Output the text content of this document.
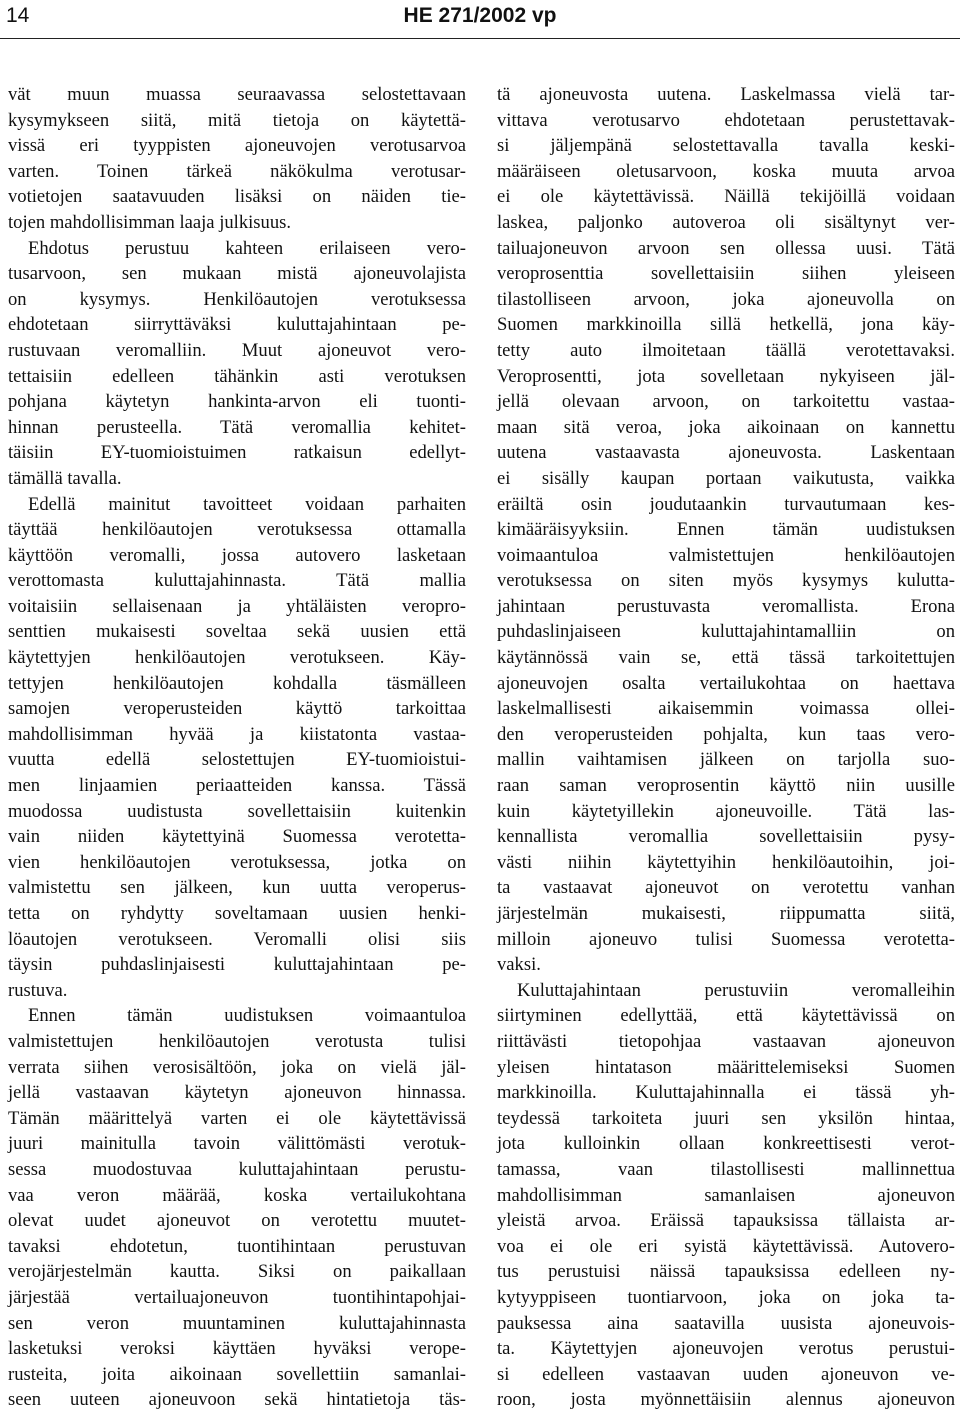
14	HE 271/2002 vp
vät muun muassa seuraavassa selostettavaan
kysymykseen siitä, mitä tietoja on käytettä-
vissä eri tyyppisten ajoneuvojen verotusarvoa
varten. Toinen tärkeä näkökulma verotusar-
votietojen saatavuuden lisäksi on näiden tie-
tojen mahdollisimman laaja julkisuus.
Ehdotus perustuu kahteen erilaiseen vero-
tusarvoon, sen mukaan mistä ajoneuvolajista
on kysymys. Henkilöautojen verotuksessa
ehdotetaan siirryttäväksi kuluttajahintaan pe-
rustuvaan veromalliin. Muut ajoneuvot vero-
tettaisiin edelleen tähänkin asti verotuksen
pohjana käytetyn hankinta-arvon eli tuonti-
hinnan perusteella. Tätä veromallia kehitet-
täisiin EY-tuomioistuimen ratkaisun edellyt-
tämällä tavalla.
Edellä mainitut tavoitteet voidaan parhaiten
täyttää henkilöautojen verotuksessa ottamalla
käyttöön veromalli, jossa autovero lasketaan
verottomasta kuluttajahinnasta. Tätä mallia
voitaisiin sellaisenaan ja yhtäläisten veropro-
senttien mukaisesti soveltaa sekä uusien että
käytettyjen henkilöautojen verotukseen. Käy-
tettyjen henkilöautojen kohdalla täsmälleen
samojen veroperusteiden käyttö tarkoittaa
mahdollisimman hyvää ja kiistatonta vastaa-
vuutta edellä selostettujen EY-tuomioistui-
men linjaamien periaatteiden kanssa. Tässä
muodossa uudistusta sovellettaisiin kuitenkin
vain niiden käytettyinä Suomessa verotetta-
vien henkilöautojen verotuksessa, jotka on
valmistettu sen jälkeen, kun uutta veroperus-
tetta on ryhdytty soveltamaan uusien henki-
löautojen verotukseen. Veromalli olisi siis
täysin puhdaslinjaisesti kuluttajahintaan pe-
rustuva.
Ennen tämän uudistuksen voimaantuloa
valmistettujen henkilöautojen verotusta tulisi
verrata siihen verosisältöön, joka on vielä jäl-
jellä vastaavan käytetyn ajoneuvon hinnassa.
Tämän määrittelyä varten ei ole käytettävissä
juuri mainitulla tavoin välittömästi verotuk-
sessa muodostuvaa kuluttajahintaan perustu-
vaa veron määrää, koska vertailukohtana
olevat uudet ajoneuvot on verotettu muutet-
tavaksi ehdotetun, tuontihintaan perustuvan
verojärjestelmän kautta. Siksi on paikallaan
järjestää vertailuajoneuvon tuontihintapohjai-
sen veron muuntaminen kuluttajahinnasta
lasketuksi veroksi käyttäen hyväksi verope-
rusteita, joita aikoinaan sovellettiin samanlai-
seen uuteen ajoneuvoon sekä hintatietoja täs-
tä ajoneuvosta uutena. Laskelmassa vielä tar-
vittava verotusarvo ehdotetaan perustettavak-
si jäljempänä selostettavalla tavalla keski-
määräiseen oletusarvoon, koska muuta arvoa
ei ole käytettävissä. Näillä tekijöillä voidaan
laskea, paljonko autoveroa oli sisältynyt ver-
tailuajoneuvon arvoon sen ollessa uusi. Tätä
veroprosenttia sovellettaisiin siihen yleiseen
tilastolliseen arvoon, joka ajoneuvolla on
Suomen markkinoilla sillä hetkellä, jona käy-
tetty auto ilmoitetaan täällä verotettavaksi.
Veroprosentti, jota sovelletaan nykyiseen jäl-
jellä olevaan arvoon, on tarkoitettu vastaa-
maan sitä veroa, joka aikoinaan on kannettu
uutena vastaavasta ajoneuvosta. Laskentaan
ei sisälly kaupan portaan vaikutusta, vaikka
eräiltä osin joudutaankin turvautumaan kes-
kimääräisyyksiin. Ennen tämän uudistuksen
voimaantuloa valmistettujen henkilöautojen
verotuksessa on siten myös kysymys kulutta-
jahintaan perustuvasta veromallista. Erona
puhdaslinjaiseen kuluttajahintamalliin on
käytännössä vain se, että tässä tarkoitettujen
ajoneuvojen osalta vertailukohtaa on haettava
laskelmallisesti aikaisemmin voimassa ollei-
den veroperusteiden pohjalta, kun taas vero-
mallin vaihtamisen jälkeen on tarjolla suo-
raan saman veroprosentin käyttö niin uusille
kuin käytetyillekin ajoneuvoille. Tätä las-
kennallista veromallia sovellettaisiin pysy-
västi niihin käytettyihin henkilöautoihin, joi-
ta vastaavat ajoneuvot on verotettu vanhan
järjestelmän mukaisesti, riippumatta siitä,
milloin ajoneuvo tulisi Suomessa verotetta-
vaksi.
Kuluttajahintaan perustuviin veromalleihin
siirtyminen edellyttää, että käytettävissä on
riittävästi tietopohjaa vastaavan ajoneuvon
yleisen hintatason määrittelemiseksi Suomen
markkinoilla. Kuluttajahinnalla ei tässä yh-
teydessä tarkoiteta juuri sen yksilön hintaa,
jota kulloinkin ollaan konkreettisesti verot-
tamassa, vaan tilastollisesti mallinnettua
mahdollisimman samanlaisen ajoneuvon
yleistä arvoa. Eräissä tapauksissa tällaista ar-
voa ei ole eri syistä käytettävissä. Autovero-
tus perustuisi näissä tapauksissa edelleen ny-
kytyyppiseen tuontiarvoon, joka on joka ta-
pauksessa aina saatavilla uusista ajoneuvois-
ta. Käytettyjen ajoneuvojen verotus perustui-
si edelleen vastaavan uuden ajoneuvon ve-
roon, josta myönnettäisiin alennus ajoneuvon
